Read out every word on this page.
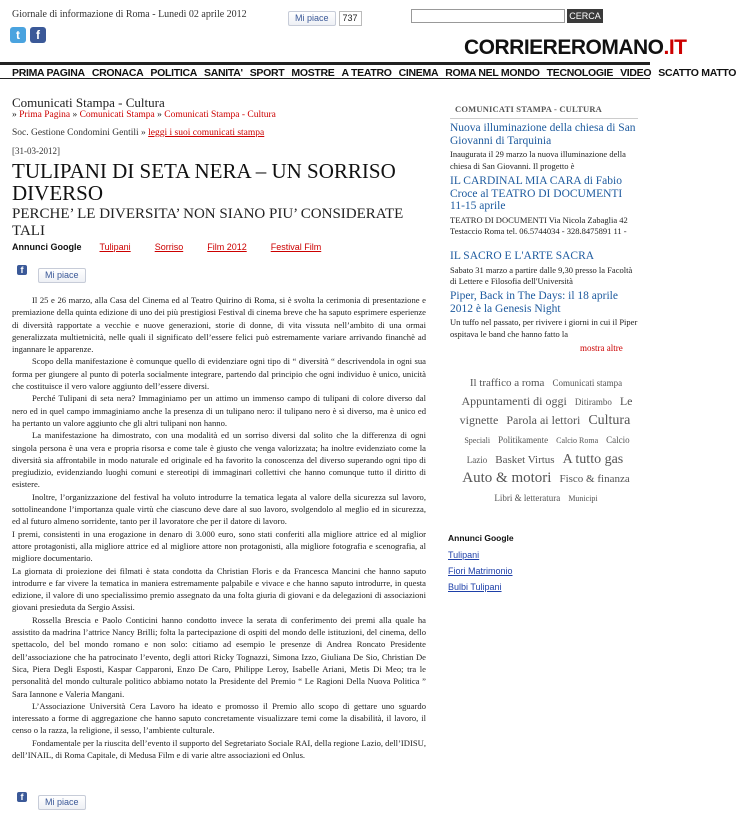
Giornale di informazione di Roma - Lunedì 02 aprile 2012	Mi piace 737	CERCA
t	f
CORRIEREROMANO.IT
PRIMA PAGINA CRONACA POLITICA SANITA' SPORT MOSTRE A TEATRO CINEMA ROMA NEL MONDO TECNOLOGIE VIDEO SCATTO MATTO
Comunicati Stampa - Cultura
» Prima Pagina » Comunicati Stampa » Comunicati Stampa - Cultura
Soc. Gestione Condomini Gentili » leggi i suoi comunicati stampa
[31-03-2012]
TULIPANI DI SETA NERA – UN SORRISO DIVERSO
PERCHE’ LE DIVERSITA’ NON SIANO PIU’ CONSIDERATE TALI
Annunci Google Tulipani	Sorriso	Film 2012	Festival Film
f	Mi piace

Il 25 e 26 marzo, alla Casa del Cinema ed al Teatro Quirino di Roma, si è svolta la cerimonia di presentazione e premiazione della quinta edizione di uno dei più prestigiosi Festival di cinema breve che ha saputo esprimere esperienze di diversità rapportate a vecchie e nuove generazioni, storie di donne, di vita vissuta nell’ambito di una ormai generalizzata multietnicità, nelle quali il significato dell’essere felici può estremamente variare arrivando financhè ad ingannare le apparenze.

Scopo della manifestazione è comunque quello di evidenziare ogni tipo di “ diversità “ descrivendola in ogni sua forma per giungere al punto di poterla socialmente integrare, partendo dal principio che ogni individuo è unico, unicità che costituisce il vero valore aggiunto dell’essere diversi.

Perché Tulipani di seta nera? Immaginiamo per un attimo un immenso campo di tulipani di colore diverso dal nero ed in quel campo immaginiamo anche la presenza di un tulipano nero: il tulipano nero è sì diverso, ma è unico ed ha pertanto un valore aggiunto che gli altri tulipani non hanno.

La manifestazione ha dimostrato, con una modalità ed un sorriso diversi dal solito che la differenza di ogni singola persona è una vera e propria risorsa e come tale è giusto che venga valorizzata; ha inoltre evidenziato come la diversità sia affrontabile in modo naturale ed originale ed ha favorito la conoscenza del diverso superando ogni tipo di pregiudizio, evidenziando luoghi comuni e stereotipi di immaginari collettivi che hanno comunque tutto il diritto di esistere.

Inoltre, l’organizzazione del festival ha voluto introdurre la tematica legata al valore della sicurezza sul lavoro, sottolineandone l’importanza quale virtù che ciascuno deve dare al suo lavoro, svolgendolo al meglio ed in sicurezza, ed al futuro almeno sorridente, tanto per il lavoratore che per il datore di lavoro.

I premi, consistenti in una erogazione in denaro di 3.000 euro, sono stati conferiti alla migliore attrice ed al miglior attore protagonisti, alla migliore attrice ed al migliore attore non protagonisti, alla migliore fotografia e scenografia, al migliore documentario.

La giornata di proiezione dei filmati è stata condotta da Christian Floris e da Francesca Mancini che hanno saputo introdurre e far vivere la tematica in maniera estremamente palpabile e vivace e che hanno saputo introdurre, in questa edizione, il valore di uno specialissimo premio assegnato da una folta giuria di giovani e da delegazioni di associazioni giovani presieduta da Sergio Assisi.

Rossella Brescia e Paolo Conticini hanno condotto invece la serata di conferimento dei premi alla quale ha assistito da madrina l’attrice Nancy Brilli; folta la partecipazione di ospiti del mondo delle istituzioni, del cinema, dello spettacolo, del bel mondo romano e non solo: citiamo ad esempio le presenze di Andrea Roncato Presidente dell’associazione che ha patrocinato l’evento, degli attori Ricky Tognazzi, Simona Izzo, Giuliana De Sio, Christian De Sica, Piera Degli Esposti, Kaspar Capparoni, Enzo De Caro, Philippe Leroy, Isabelle Ariani, Metis Di Meo; tra le personalità del mondo culturale politico abbiamo notato la Presidente del Premio “ Le Ragioni Della Nuova Politica ” Sara Iannone e Valeria Mangani.

L’Associazione Università Cera Lavoro ha ideato e promosso il Premio allo scopo di gettare uno sguardo interessato a forme di aggregazione che hanno saputo concretamente visualizzare temi come la disabilità, il lavoro, il censo o la razza, la religione, il sesso, l’ambiente culturale.

Fondamentale per la riuscita dell’evento il supporto del Segretariato Sociale RAI, della regione Lazio, dell’IDISU, dell’INAIL, di Roma Capitale, di Medusa Film e di varie altre associazioni ed Onlus.

f	Mi piace
COMUNICATI STAMPA - CULTURA
Nuova illuminazione della chiesa di San Giovanni di Tarquinia
Inaugurata il 29 marzo la nuova illuminazione della chiesa di San Giovanni. Il progetto è
IL CARDINAL MIA CARA di Fabio Croce al TEATRO DI DOCUMENTI 11-15 aprile
TEATRO DI DOCUMENTI Via Nicola Zabaglia 42 Testaccio Roma tel. 06.5744034 - 328.8475891 11 -
IL SACRO E L'ARTE SACRA
Sabato 31 marzo a partire dalle 9,30 presso la Facoltà di Lettere e Filosofia dell'Università
Piper, Back in The Days: il 18 aprile 2012 è la Genesis Night
Un tuffo nel passato, per rivivere i giorni in cui il Piper ospitava le band che hanno fatto la
mostra altre
Il traffico a roma Comunicati stampa Appuntamenti di oggi Ditirambo Le vignette Parola ai lettori Cultura Speciali Politikamente Calcio Roma Calcio Lazio Basket Virtus A tutto gas Auto & motori Fisco & finanza Libri & letteratura Municipi
Annunci Google
Tulipani
Fiori Matrimonio
Bulbi Tulipani
